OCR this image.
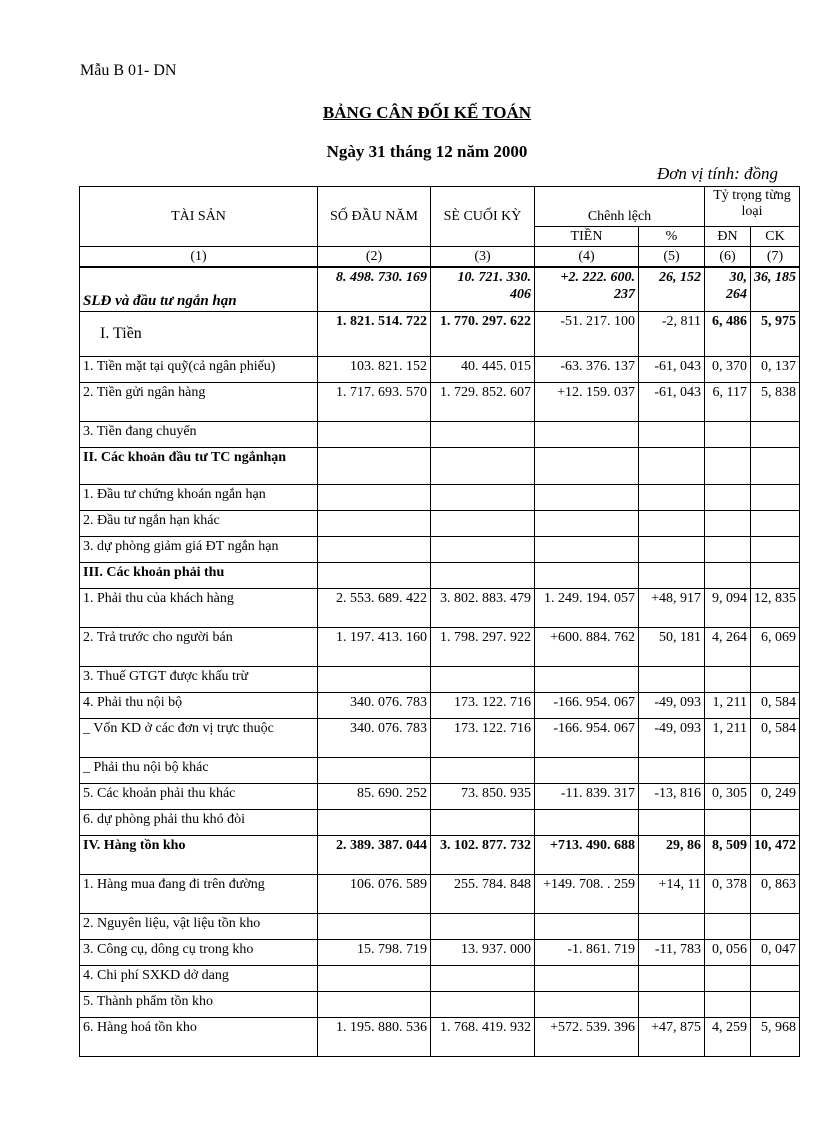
Mẫu B 01- DN
BẢNG CÂN ĐỐI KẾ TOÁN
Ngày 31 tháng 12 năm 2000
Đơn vị tính: đồng
TÀI SẢN	SỐ ĐẦU NĂM	SÈ CUỐI KỲ	Chênh lệch		Tỷ trọng từng loại	
			TIỀN	%	ĐN	CK
(1)	(2)	(3)	(4)	(5)	(6)	(7)
SLĐ và đầu tư ngắn hạn	8. 498. 730. 169	10. 721. 330. 406	+2. 222. 600. 237	26, 152	30, 264	36, 185
I. Tiền	1. 821. 514. 722	1. 770. 297. 622	-51. 217. 100	-2, 811	6, 486	5, 975
1. Tiền mặt tại quỹ(cả ngân phiếu)	103. 821. 152	40. 445. 015	-63. 376. 137	-61, 043	0, 370	0, 137
2. Tiền gửi ngân hàng	1. 717. 693. 570	1. 729. 852. 607	+12. 159. 037	-61, 043	6, 117	5, 838
3. Tiền đang chuyển						
II. Các khoản đầu tư TC ngắnhạn						
1. Đầu tư chứng khoán ngắn hạn						
2. Đầu tư ngắn hạn khác						
3. dự phòng giảm giá ĐT ngắn hạn						
III. Các khoản phải thu						
1. Phải thu của khách hàng	2. 553. 689. 422	3. 802. 883. 479	1. 249. 194. 057	+48, 917	9, 094	12, 835
2. Trả trước cho người bán	1. 197. 413. 160	1. 798. 297. 922	+600. 884. 762	50, 181	4, 264	6, 069
3. Thuế GTGT được khấu trừ						
4. Phải thu nội bộ	340. 076. 783	173. 122. 716	-166. 954. 067	-49, 093	1, 211	0, 584
_ Vốn KD ở các đơn vị trực thuộc	340. 076. 783	173. 122. 716	-166. 954. 067	-49, 093	1, 211	0, 584
_ Phải thu nội bộ khác						
5. Các khoản phải thu khác	85. 690. 252	73. 850. 935	-11. 839. 317	-13, 816	0, 305	0, 249
6. dự phòng phải thu khó đòi						
IV. Hàng tồn kho	2. 389. 387. 044	3. 102. 877. 732	+713. 490. 688	29, 86	8, 509	10, 472
1. Hàng mua đang đi trên đường	106. 076. 589	255. 784. 848	+149. 708. . 259	+14, 11	0, 378	0, 863
2. Nguyên liệu, vật liệu tồn kho						
3. Công cụ, dông cụ trong kho	15. 798. 719	13. 937. 000	-1. 861. 719	-11, 783	0, 056	0, 047
4. Chi phí SXKD dở dang						
5. Thành phẩm tồn kho						
6. Hàng hoá tồn kho	1. 195. 880. 536	1. 768. 419. 932	+572. 539. 396	+47, 875	4, 259	5, 968
